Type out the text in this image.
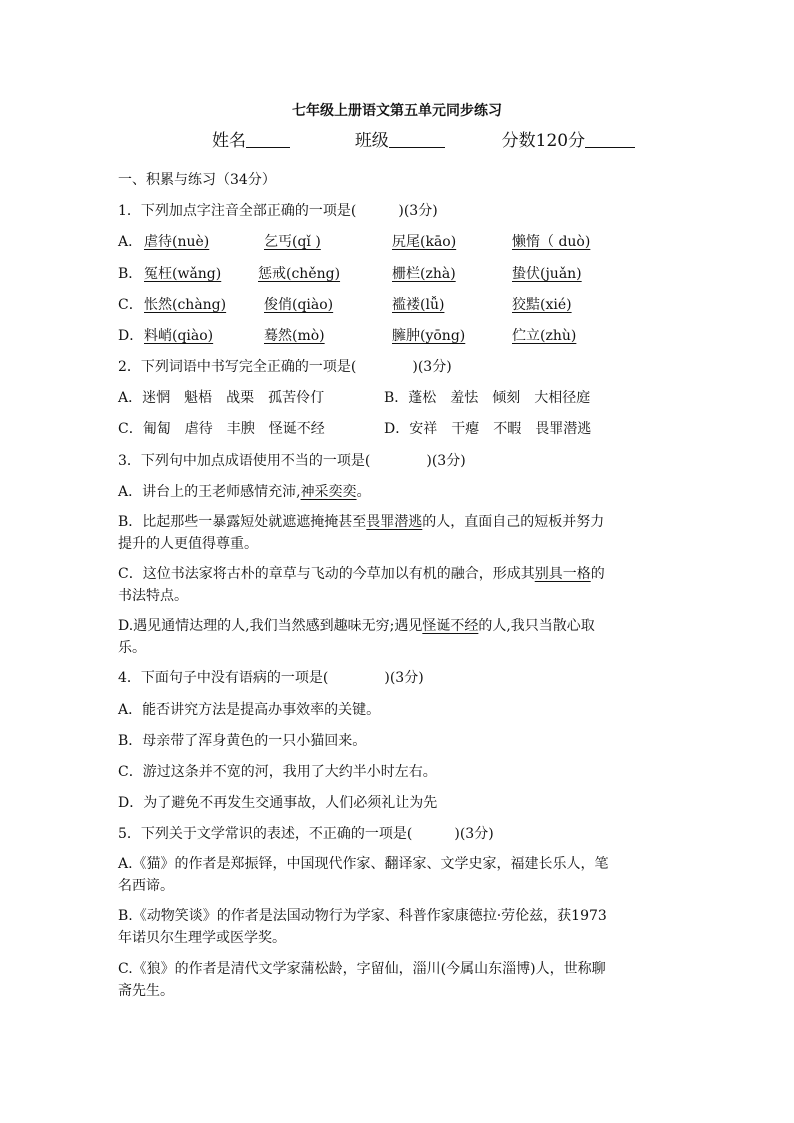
七年级上册语文第五单元同步练习
姓名	班级	分数120分
一、积累与练习（34分）
1．下列加点字注音全部正确的一项是(　　　)(3分)
A． 虐待(nuè)	乞丐(qǐ )	尻尾(kāo)	懒惰（ duò)
B． 冤枉(wǎng)	惩戒(chěng)	栅栏(zhà)	蛰伏(juǎn)
C． 怅然(chàng)	俊俏(qiào)	褴褛(lǚ)	狡黠(xié)
D． 料峭(qiào)	蓦然(mò)	臃肿(yōng)	伫立(zhù)
2．下列词语中书写完全正确的一项是(　　　　)(3分)
A．迷惘　魁梧　战栗　孤苦伶仃	B．蓬松　羞怯　倾刻　大相径庭
C．匍匐　虐待　丰腴　怪诞不经	D．安祥　干瘪　不暇　畏罪潜逃
3．下列句中加点成语使用不当的一项是(　　　　)(3分)
A．讲台上的王老师感情充沛,神采奕奕。
B．比起那些一暴露短处就遮遮掩掩甚至畏罪潜逃的人，直面自己的短板并努力
提升的人更值得尊重。
C．这位书法家将古朴的章草与飞动的今草加以有机的融合，形成其别具一格的
书法特点。
D.遇见通情达理的人,我们当然感到趣味无穷;遇见怪诞不经的人,我只当散心取
乐。
4．下面句子中没有语病的一项是(　　　　)(3分)
A．能否讲究方法是提高办事效率的关键。
B．母亲带了浑身黄色的一只小猫回来。
C．游过这条并不宽的河，我用了大约半小时左右。
D．为了避免不再发生交通事故，人们必须礼让为先
5．下列关于文学常识的表述，不正确的一项是(　　　)(3分)
A.《猫》的作者是郑振铎，中国现代作家、翻译家、文学史家，福建长乐人，笔
名西谛。
B.《动物笑谈》的作者是法国动物行为学家、科普作家康德拉·劳伦兹，获1973
年诺贝尔生理学或医学奖。
C.《狼》的作者是清代文学家蒲松龄，字留仙，淄川(今属山东淄博)人，世称聊
斋先生。
